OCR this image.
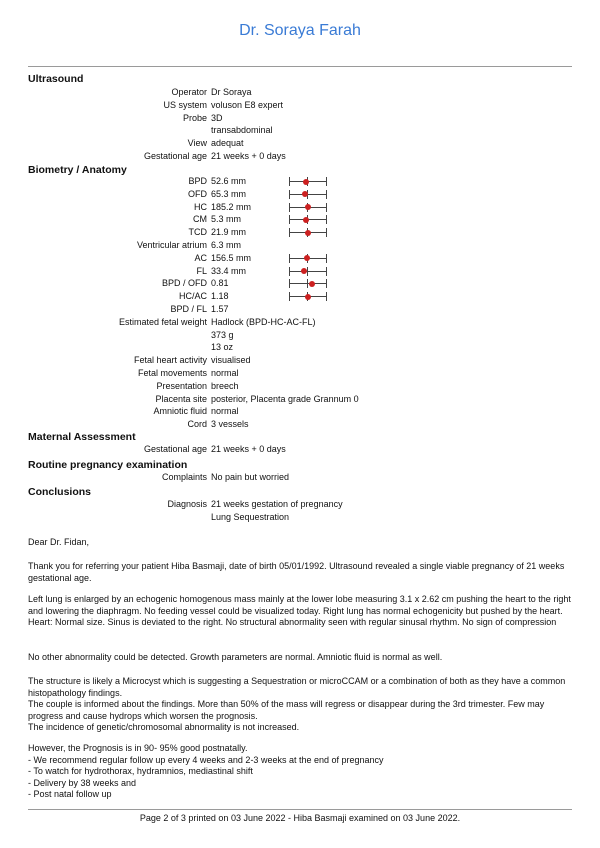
Dr. Soraya Farah
Ultrasound
Operator Dr Soraya
US system voluson E8 expert
Probe 3D
transabdominal
View adequat
Gestational age 21 weeks + 0 days
Biometry / Anatomy
BPD 52.6 mm
OFD 65.3 mm
HC 185.2 mm
CM 5.3 mm
TCD 21.9 mm
Ventricular atrium 6.3 mm
AC 156.5 mm
FL 33.4 mm
BPD / OFD 0.81
HC/AC 1.18
BPD / FL 1.57
Estimated fetal weight Hadlock (BPD-HC-AC-FL)
373 g
13 oz
Fetal heart activity visualised
Fetal movements normal
Presentation breech
Placenta site posterior, Placenta grade Grannum 0
Amniotic fluid normal
Cord 3 vessels
Maternal Assessment
Gestational age 21 weeks + 0 days
Routine pregnancy examination
Complaints No pain but worried
Conclusions
Diagnosis 21 weeks gestation of pregnancy
Lung Sequestration

Dear Dr. Fidan,

Thank you for referring your patient Hiba Basmaji, date of birth 05/01/1992. Ultrasound revealed a single viable pregnancy of 21 weeks gestational age.

Left lung is enlarged by an echogenic homogenous mass mainly at the lower lobe measuring 3.1 x 2.62 cm pushing the heart to the right and lowering the diaphragm. No feeding vessel could be visualized today. Right lung has normal echogenicity but pushed by the heart.

Heart: Normal size. Sinus is deviated to the right. No structural abnormality seen with regular sinusal rhythm. No sign of compression

No other abnormality could be detected. Growth parameters are normal. Amniotic fluid is normal as well.

The structure is likely a Microcyst which is suggesting a Sequestration or microCCAM or a combination of both as they have a common histopathology findings.

The couple is informed about the findings. More than 50% of the mass will regress or disappear during the 3rd trimester. Few may progress and cause hydrops which worsen the prognosis.

The incidence of genetic/chromosomal abnormality is not increased.

However, the Prognosis is in 90- 95% good postnatally.

- We recommend regular follow up every 4 weeks and 2-3 weeks at the end of pregnancy

- To watch for hydrothorax, hydramnios, mediastinal shift

- Delivery by 38 weeks and

- Post natal follow up

Page 2 of 3 printed on 03 June 2022 - Hiba Basmaji examined on 03 June 2022.
